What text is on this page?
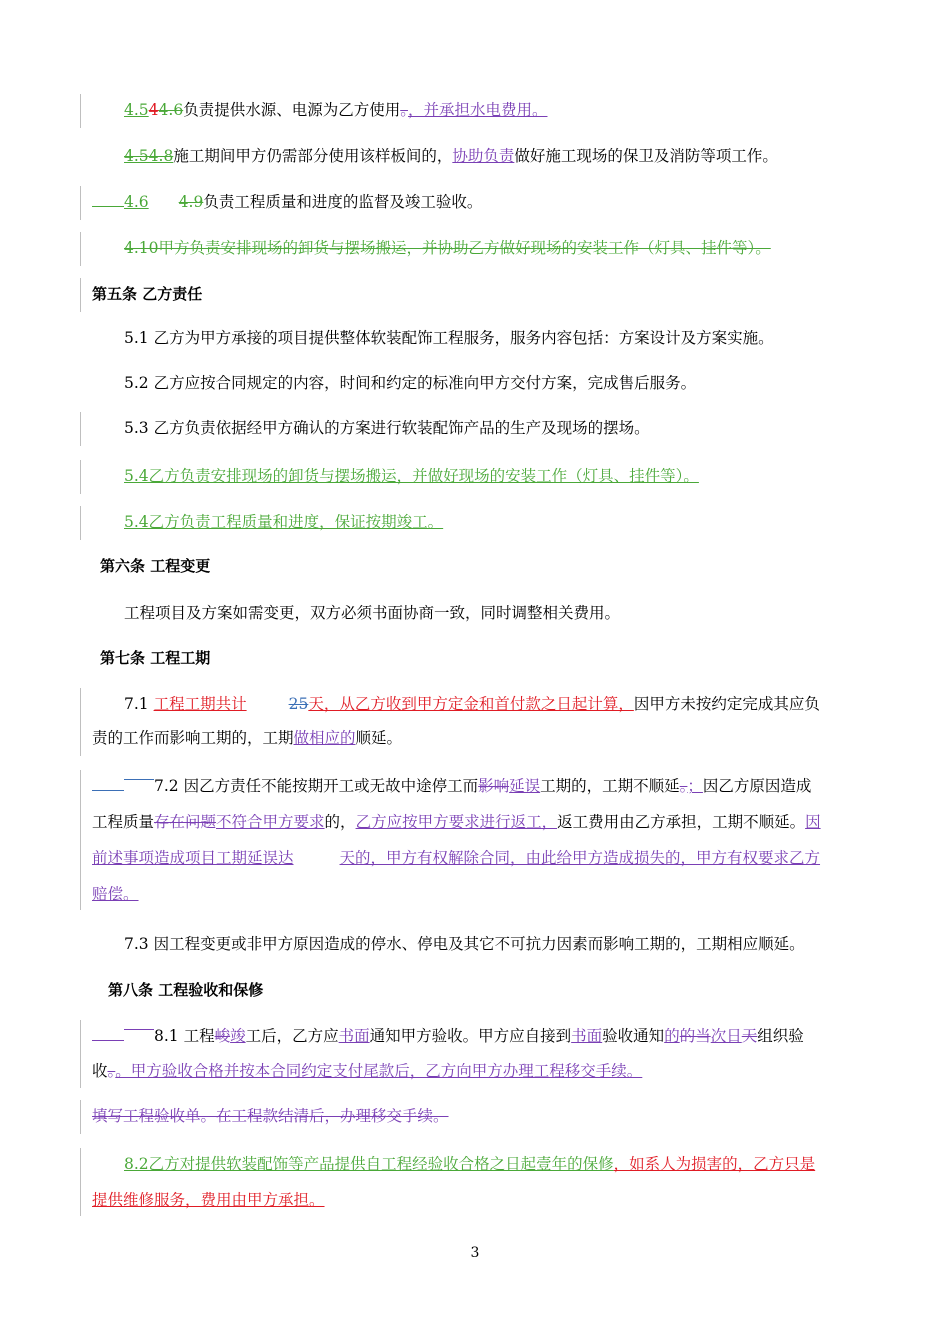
4.544.6负责提供水源、电源为乙方使用。，并承担水电费用。
4.54.8施工期间甲方仍需部分使用该样板间的，协助负责做好施工现场的保卫及消防等项工作。
4.6 4.9负责工程质量和进度的监督及竣工验收。
4.10甲方负责安排现场的卸货与摆场搬运，并协助乙方做好现场的安装工作（灯具、挂件等）。
第五条 乙方责任
5.1 乙方为甲方承接的项目提供整体软装配饰工程服务，服务内容包括：方案设计及方案实施。
5.2 乙方应按合同规定的内容，时间和约定的标准向甲方交付方案，完成售后服务。
5.3 乙方负责依据经甲方确认的方案进行软装配饰产品的生产及现场的摆场。
5.4乙方负责安排现场的卸货与摆场搬运，并做好现场的安装工作（灯具、挂件等）。
5.4乙方负责工程质量和进度，保证按期竣工。
第六条 工程变更
工程项目及方案如需变更，双方必须书面协商一致，同时调整相关费用。
第七条 工程工期
7.1 工程工期共计	25天，从乙方收到甲方定金和首付款之日起计算，因甲方未按约定完成其应负
责的工作而影响工期的，工期做相应的顺延。
7.2 因乙方责任不能按期开工或无故中途停工而影响延误工期的，工期不顺延。；因乙方原因造成
工程质量存在问题不符合甲方要求的，乙方应按甲方要求进行返工，返工费用由乙方承担，工期不顺延。因
前述事项造成项目工期延误达	天的，甲方有权解除合同，由此给甲方造成损失的，甲方有权要求乙方
赔偿。
7.3 因工程变更或非甲方原因造成的停水、停电及其它不可抗力因素而影响工期的，工期相应顺延。
第八条 工程验收和保修
8.1 工程峻竣工后，乙方应书面通知甲方验收。甲方应自接到书面验收通知的的当次日天组织验
收。。甲方验收合格并按本合同约定支付尾款后，乙方向甲方办理工程移交手续。
填写工程验收单。在工程款结清后，办理移交手续。
8.2乙方对提供软装配饰等产品提供自工程经验收合格之日起壹年的保修，如系人为损害的，乙方只是
提供维修服务，费用由甲方承担。
3
